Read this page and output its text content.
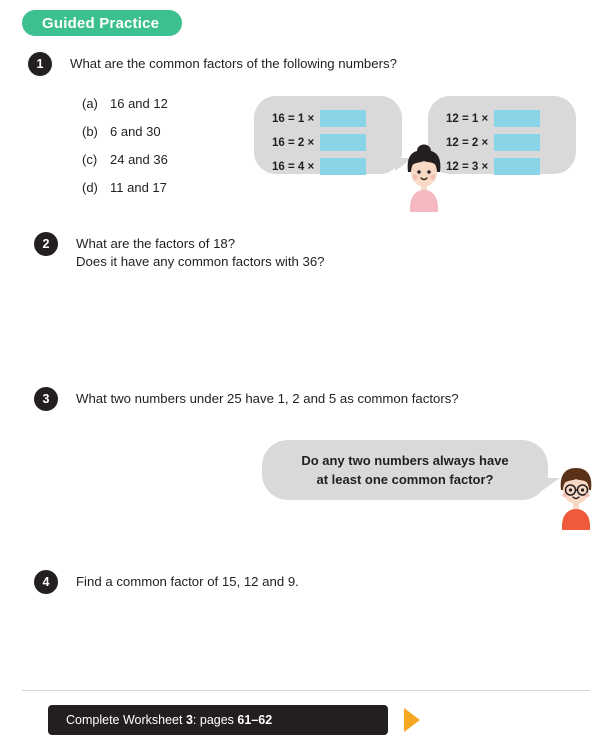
Guided Practice
1	What are the common factors of the following numbers?
(a) 16 and 12
(b) 6 and 30
(c) 24 and 36
(d) 11 and 17
16 = 1 ×
16 = 2 ×
16 = 4 ×
12 = 1 ×
12 = 2 ×
12 = 3 ×
2	What are the factors of 18?
Does it have any common factors with 36?
3	What two numbers under 25 have 1, 2 and 5 as common factors?
Do any two numbers always have
at least one common factor?
4	Find a common factor of 15, 12 and 9.
Complete Worksheet 3: pages 61–62
